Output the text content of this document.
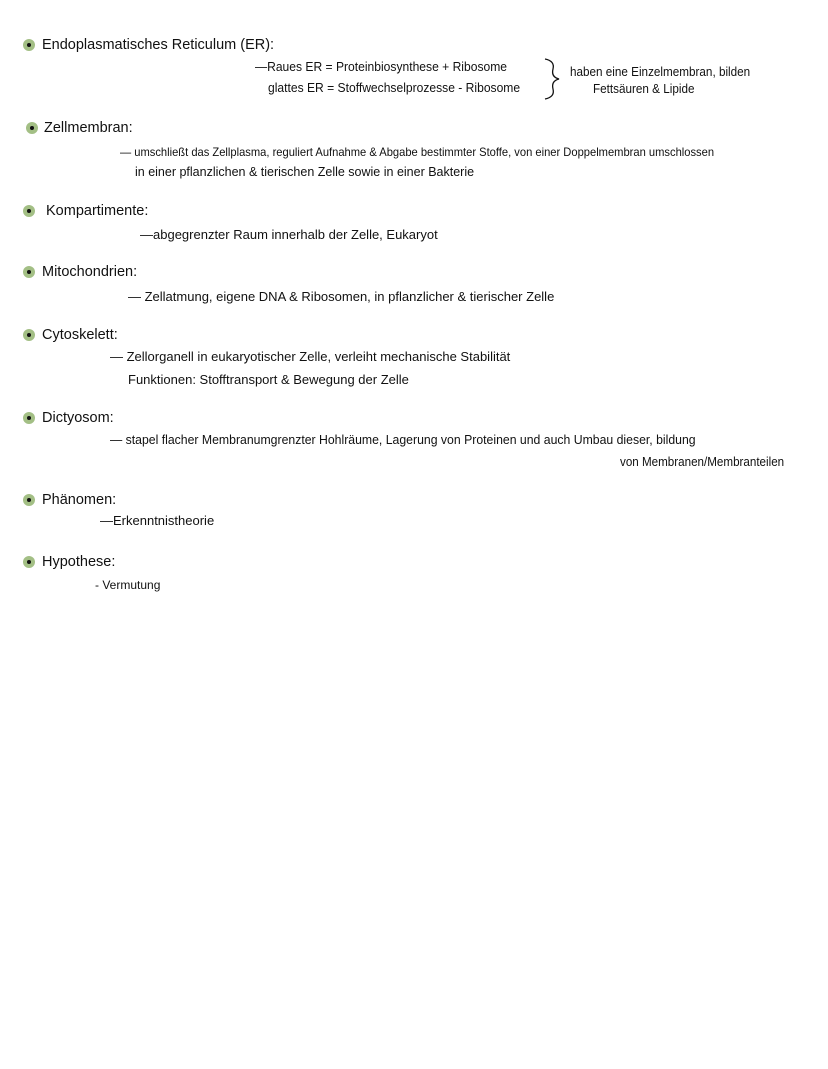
Endoplasmatisches Reticulum (ER):
—Raues ER = Proteinbiosynthese + Ribosome
glattes ER = Stoffwechselprozesse - Ribosome
haben eine Einzelmembran, bilden
Fettsäuren & Lipide
Zellmembran:
— umschließt das Zellplasma, reguliert Aufnahme & Abgabe bestimmter Stoffe, von einer Doppelmembran umschlossen
in einer pflanzlichen & tierischen Zelle sowie in einer Bakterie
Kompartimente:
—abgegrenzter Raum innerhalb der Zelle, Eukaryot
Mitochondrien:
— Zellatmung, eigene DNA & Ribosomen, in pflanzlicher & tierischer Zelle
Cytoskelett:
— Zellorganell in eukaryotischer Zelle, verleiht mechanische Stabilität
Funktionen: Stofftransport & Bewegung der Zelle
Dictyosom:
— stapel flacher Membranumgrenzter Hohlräume, Lagerung von Proteinen und auch Umbau dieser, bildung
von Membranen/Membranteilen
Phänomen:
—Erkenntnistheorie
Hypothese:
- Vermutung
